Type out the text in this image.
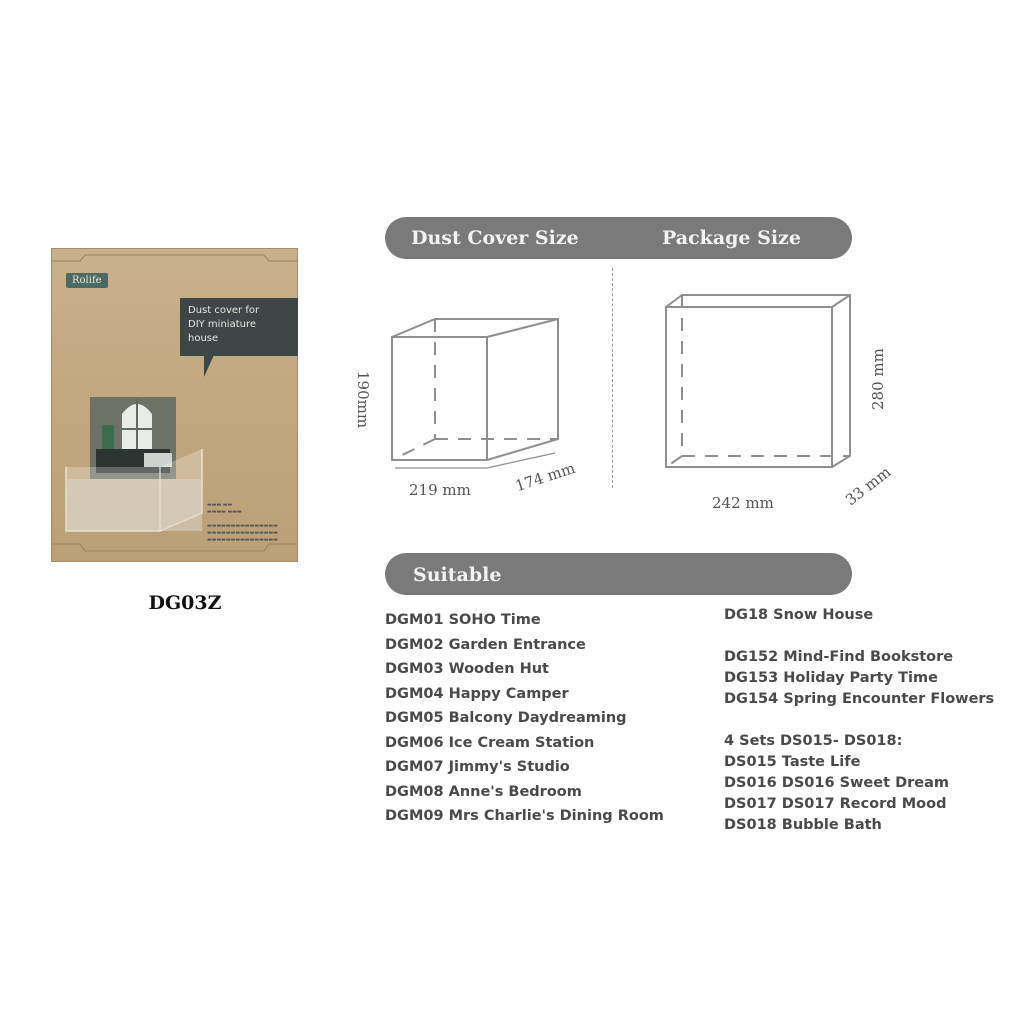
Rolife
Dust cover for
DIY miniature
house
▬▬▬ ▬▬
▬▬▬▬ ▬▬▬

▬▬▬▬▬▬▬▬▬▬▬▬▬▬▬
▬▬▬▬▬▬▬▬▬▬▬▬▬▬▬
▬▬▬▬▬▬▬▬▬▬▬▬▬▬▬
DG03Z
Dust Cover Size	Package Size
190mm
219 mm	174 mm
280 mm
242 mm	33 mm
Suitable
DGM01 SOHO Time
DGM02 Garden Entrance
DGM03 Wooden Hut
DGM04 Happy Camper
DGM05 Balcony Daydreaming
DGM06 Ice Cream Station
DGM07 Jimmy's Studio
DGM08 Anne's Bedroom
DGM09 Mrs Charlie's Dining Room
DG18 Snow House
DG152 Mind-Find Bookstore
DG153 Holiday Party Time
DG154 Spring Encounter Flowers
4 Sets DS015- DS018:
DS015 Taste Life
DS016 DS016 Sweet Dream
DS017 DS017 Record Mood
DS018 Bubble Bath
